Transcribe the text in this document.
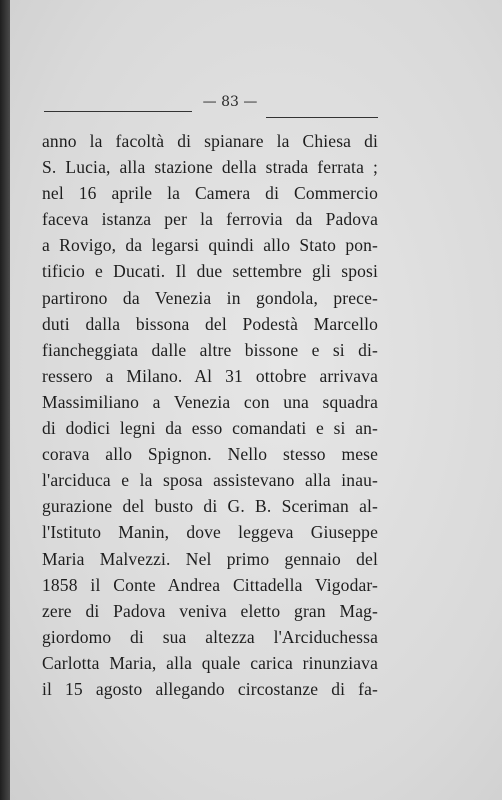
— 83 —
anno la facoltà di spianare la Chiesa di
S. Lucia, alla stazione della strada ferrata ;
nel 16 aprile la Camera di Commercio
faceva istanza per la ferrovia da Padova
a Rovigo, da legarsi quindi allo Stato pon-
tificio e Ducati. Il due settembre gli sposi
partirono da Venezia in gondola, prece-
duti dalla bissona del Podestà Marcello
fiancheggiata dalle altre bissone e si di-
ressero a Milano. Al 31 ottobre arrivava
Massimiliano a Venezia con una squadra
di dodici legni da esso comandati e si an-
corava allo Spignon. Nello stesso mese
l'arciduca e la sposa assistevano alla inau-
gurazione del busto di G. B. Sceriman al-
l'Istituto Manin, dove leggeva Giuseppe
Maria Malvezzi. Nel primo gennaio del
1858 il Conte Andrea Cittadella Vigodar-
zere di Padova veniva eletto gran Mag-
giordomo di sua altezza l'Arciduchessa
Carlotta Maria, alla quale carica rinunziava
il 15 agosto allegando circostanze di fa-
